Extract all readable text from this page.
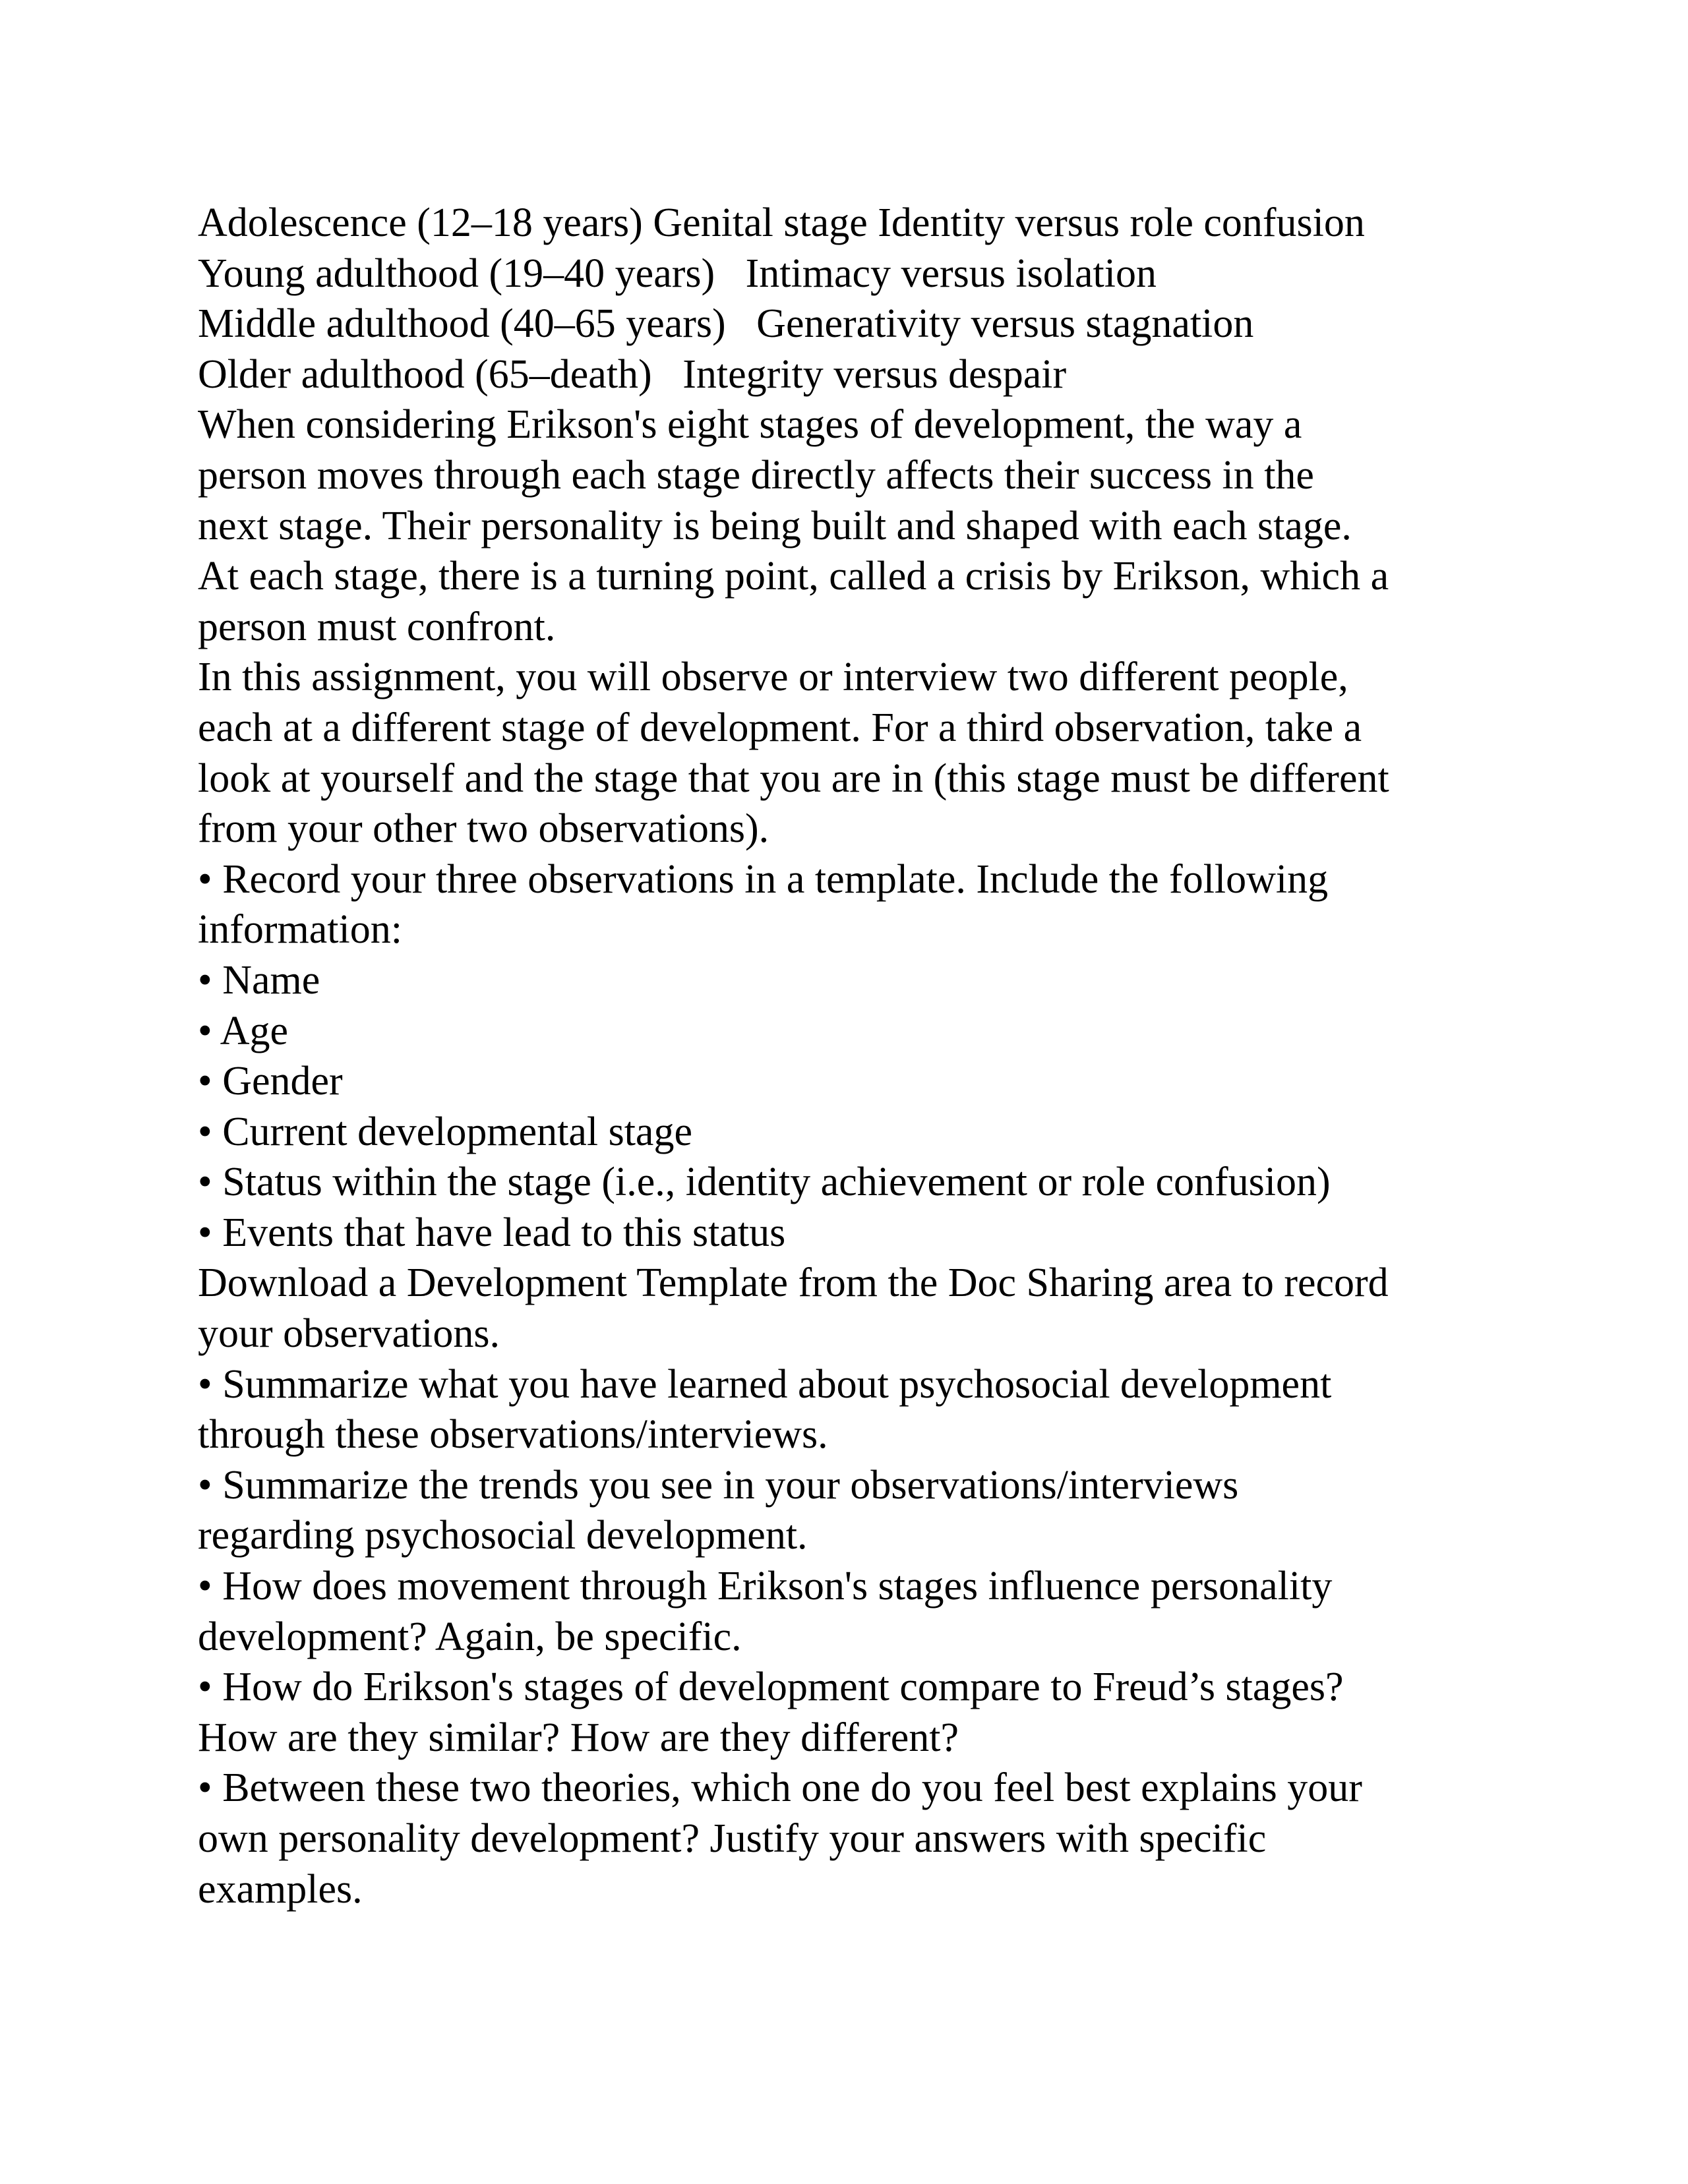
Adolescence (12–18 years) Genital stage Identity versus role confusion
Young adulthood (19–40 years) Intimacy versus isolation
Middle adulthood (40–65 years) Generativity versus stagnation
Older adulthood (65–death) Integrity versus despair
When considering Erikson's eight stages of development, the way a
person moves through each stage directly affects their success in the
next stage. Their personality is being built and shaped with each stage.
At each stage, there is a turning point, called a crisis by Erikson, which a
person must confront.
In this assignment, you will observe or interview two different people,
each at a different stage of development. For a third observation, take a
look at yourself and the stage that you are in (this stage must be different
from your other two observations).
• Record your three observations in a template. Include the following
information:
• Name
• Age
• Gender
• Current developmental stage
• Status within the stage (i.e., identity achievement or role confusion)
• Events that have lead to this status
Download a Development Template from the Doc Sharing area to record
your observations.
• Summarize what you have learned about psychosocial development
through these observations/interviews.
• Summarize the trends you see in your observations/interviews
regarding psychosocial development.
• How does movement through Erikson's stages influence personality
development? Again, be specific.
• How do Erikson's stages of development compare to Freud’s stages?
How are they similar? How are they different?
• Between these two theories, which one do you feel best explains your
own personality development? Justify your answers with specific
examples.
